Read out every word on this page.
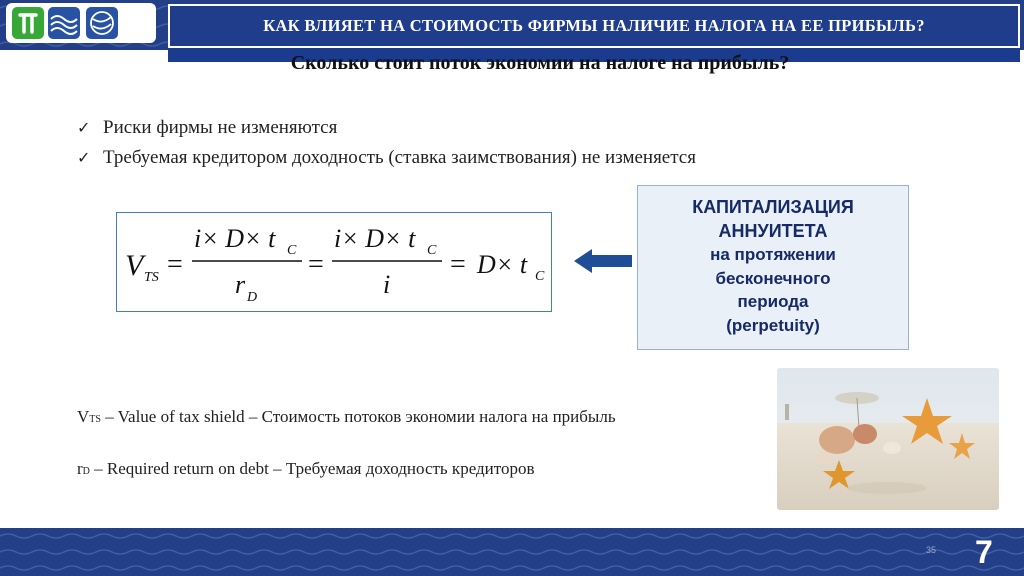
КАК ВЛИЯЕТ НА СТОИМОСТЬ ФИРМЫ НАЛИЧИЕ НАЛОГА НА ЕЕ ПРИБЫЛЬ?
Сколько стоит поток экономии на налоге на прибыль?
✓ Риски фирмы не изменяются
✓ Требуемая кредитором доходность (ставка заимствования) не изменяется
V TS =
i× D× t C
r D
=
i× D× t C
i
= D× t C
КАПИТАЛИЗАЦИЯ
АННУИТЕТА
на протяжении
бесконечного
периода
(perpetuity)
VTS – Value of tax shield – Стоимость потоков экономии налога на прибыль
rD – Required return on debt – Требуемая доходность кредиторов
35 7
